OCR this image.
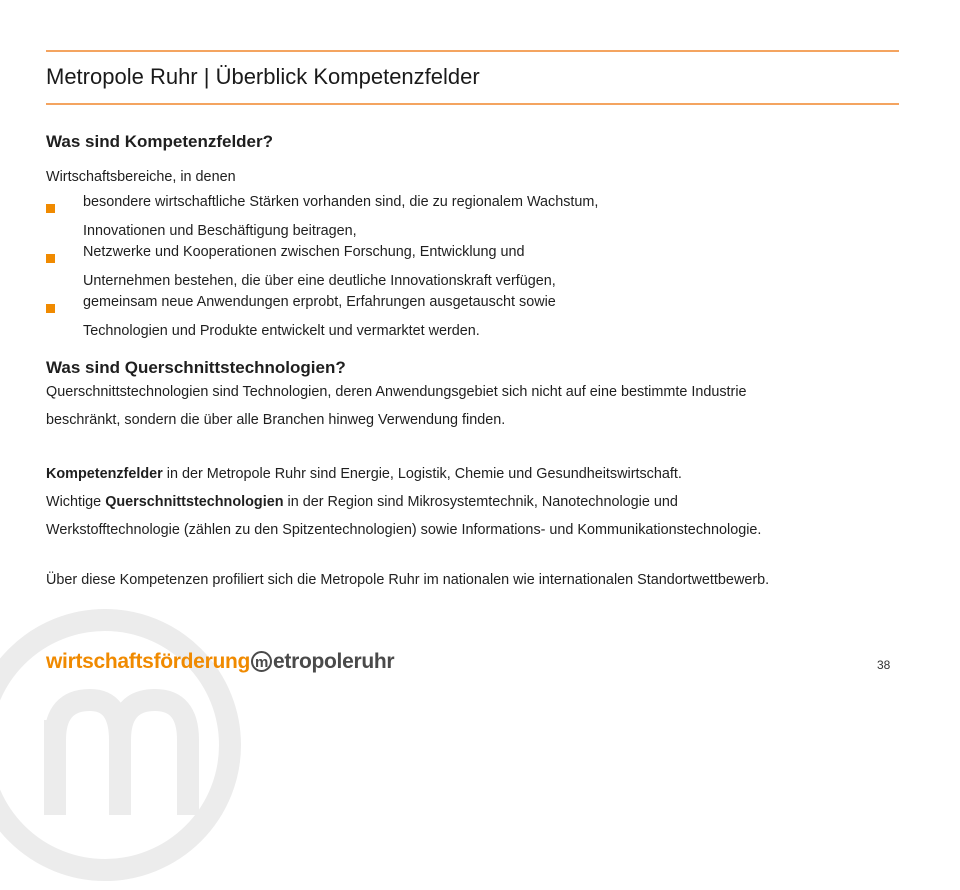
Metropole Ruhr | Überblick Kompetenzfelder

Was sind Kompetenzfelder?

Wirtschaftsbereiche, in denen

besondere wirtschaftliche Stärken vorhanden sind, die zu regionalem Wachstum,
Innovationen und Beschäftigung beitragen,
Netzwerke und Kooperationen zwischen Forschung, Entwicklung und
Unternehmen bestehen, die über eine deutliche Innovationskraft verfügen,
gemeinsam neue Anwendungen erprobt, Erfahrungen ausgetauscht sowie
Technologien und Produkte entwickelt und vermarktet werden.

Was sind Querschnittstechnologien?

Querschnittstechnologien sind Technologien, deren Anwendungsgebiet sich nicht auf eine bestimmte Industrie

beschränkt, sondern die über alle Branchen hinweg Verwendung finden.

Kompetenzfelder in der Metropole Ruhr sind Energie, Logistik, Chemie und Gesundheitswirtschaft.

Wichtige Querschnittstechnologien in der Region sind Mikrosystemtechnik, Nanotechnologie und

Werkstofftechnologie (zählen zu den Spitzentechnologien) sowie Informations- und Kommunikationstechnologie.

Über diese Kompetenzen profiliert sich die Metropole Ruhr im nationalen wie internationalen Standortwettbewerb.

wirtschaftsförderung m etropoleruhr	38
